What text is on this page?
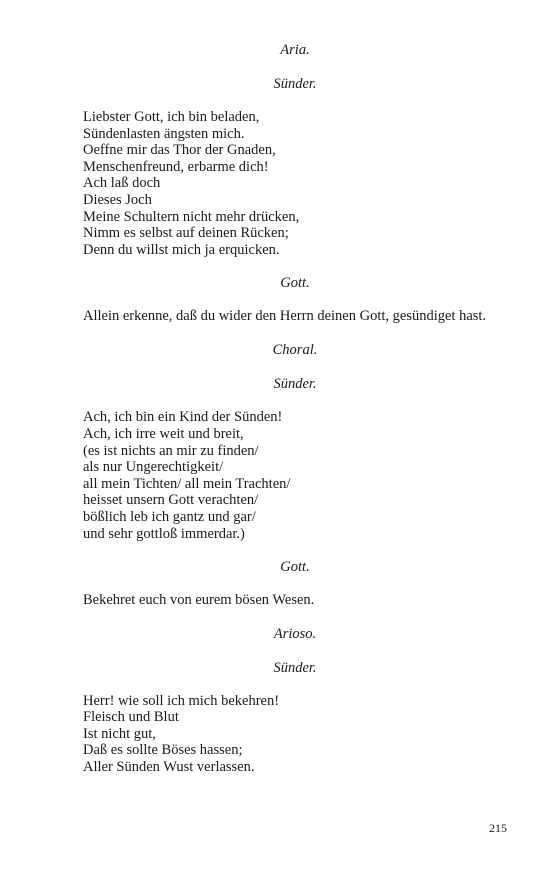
Aria.
Sünder.
Liebster Gott, ich bin beladen,
Sündenlasten ängsten mich.
Oeffne mir das Thor der Gnaden,
Menschenfreund, erbarme dich!
Ach laß doch
Dieses Joch
Meine Schultern nicht mehr drücken,
Nimm es selbst auf deinen Rücken;
Denn du willst mich ja erquicken.
Gott.
Allein erkenne, daß du wider den Herrn deinen Gott, gesündiget hast.
Choral.
Sünder.
Ach, ich bin ein Kind der Sünden!
Ach, ich irre weit und breit,
(es ist nichts an mir zu finden/
als nur Ungerechtigkeit/
all mein Tichten/ all mein Trachten/
heisset unsern Gott verachten/
bößlich leb ich gantz und gar/
und sehr gottloß immerdar.)
Gott.
Bekehret euch von eurem bösen Wesen.
Arioso.
Sünder.
Herr! wie soll ich mich bekehren!
Fleisch und Blut
Ist nicht gut,
Daß es sollte Böses hassen;
Aller Sünden Wust verlassen.
215
